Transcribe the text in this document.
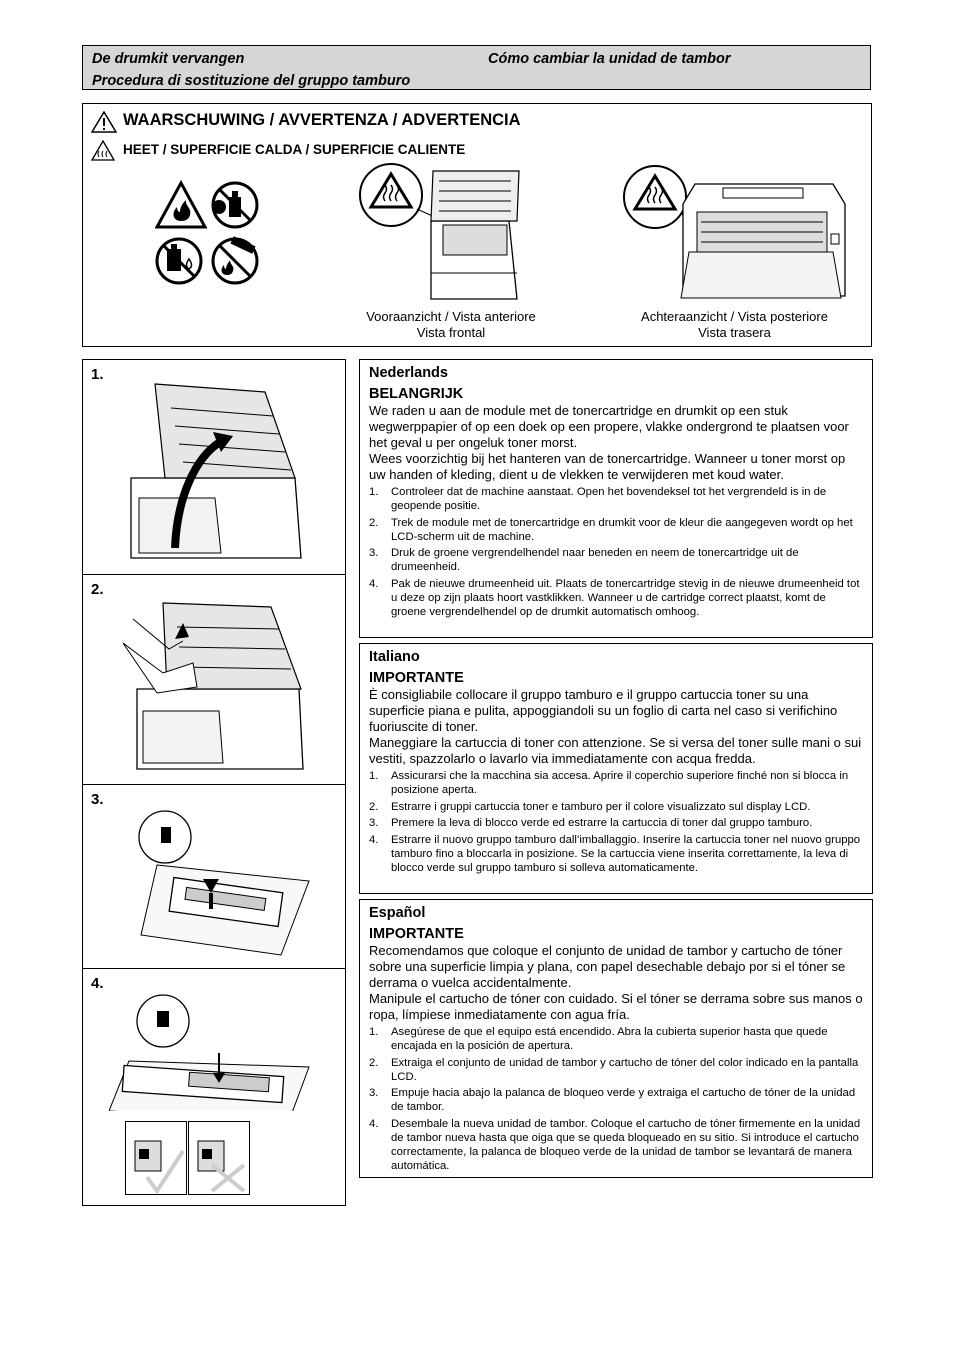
De drumkit vervangen	Cómo cambiar la unidad de tambor
Procedura di sostituzione del gruppo tamburo
WAARSCHUWING / AVVERTENZA / ADVERTENCIA
HEET / SUPERFICIE CALDA / SUPERFICIE CALIENTE
Vooraanzicht / Vista anteriore
Vista frontal
Achteraanzicht / Vista posteriore
Vista trasera
1.
2.
3.
4.
Nederlands
BELANGRIJK

We raden u aan de module met de tonercartridge en drumkit op een stuk wegwerppapier of op een doek op een propere, vlakke ondergrond te plaatsen voor het geval u per ongeluk toner morst.

Wees voorzichtig bij het hanteren van de tonercartridge. Wanneer u toner morst op uw handen of kleding, dient u de vlekken te verwijderen met koud water.

1. Controleer dat de machine aanstaat. Open het bovendeksel tot het vergrendeld is in de geopende positie.
2. Trek de module met de tonercartridge en drumkit voor de kleur die aangegeven wordt op het LCD-scherm uit de machine.
3. Druk de groene vergrendelhendel naar beneden en neem de tonercartridge uit de drumeenheid.
4. Pak de nieuwe drumeenheid uit. Plaats de tonercartridge stevig in de nieuwe drumeenheid tot u deze op zijn plaats hoort vastklikken. Wanneer u de cartridge correct plaatst, komt de groene vergrendelhendel op de drumkit automatisch omhoog.
Italiano
IMPORTANTE

È consigliabile collocare il gruppo tamburo e il gruppo cartuccia toner su una superficie piana e pulita, appoggiandoli su un foglio di carta nel caso si verifichino fuoriuscite di toner.

Maneggiare la cartuccia di toner con attenzione. Se si versa del toner sulle mani o sui vestiti, spazzolarlo o lavarlo via immediatamente con acqua fredda.

1. Assicurarsi che la macchina sia accesa. Aprire il coperchio superiore finché non si blocca in posizione aperta.
2. Estrarre i gruppi cartuccia toner e tamburo per il colore visualizzato sul display LCD.
3. Premere la leva di blocco verde ed estrarre la cartuccia di toner dal gruppo tamburo.
4. Estrarre il nuovo gruppo tamburo dall’imballaggio. Inserire la cartuccia toner nel nuovo gruppo tamburo fino a bloccarla in posizione. Se la cartuccia viene inserita correttamente, la leva di blocco verde sul gruppo tamburo si solleva automaticamente.
Español
IMPORTANTE

Recomendamos que coloque el conjunto de unidad de tambor y cartucho de tóner sobre una superficie limpia y plana, con papel desechable debajo por si el tóner se derrama o vuelca accidentalmente.

Manipule el cartucho de tóner con cuidado. Si el tóner se derrama sobre sus manos o ropa, límpiese inmediatamente con agua fría.

1. Asegúrese de que el equipo está encendido. Abra la cubierta superior hasta que quede encajada en la posición de apertura.
2. Extraiga el conjunto de unidad de tambor y cartucho de tóner del color indicado en la pantalla LCD.
3. Empuje hacia abajo la palanca de bloqueo verde y extraiga el cartucho de tóner de la unidad de tambor.
4. Desembale la nueva unidad de tambor. Coloque el cartucho de tóner firmemente en la unidad de tambor nueva hasta que oiga que se queda bloqueado en su sitio. Si introduce el cartucho correctamente, la palanca de bloqueo verde de la unidad de tambor se levantará de manera automática.
